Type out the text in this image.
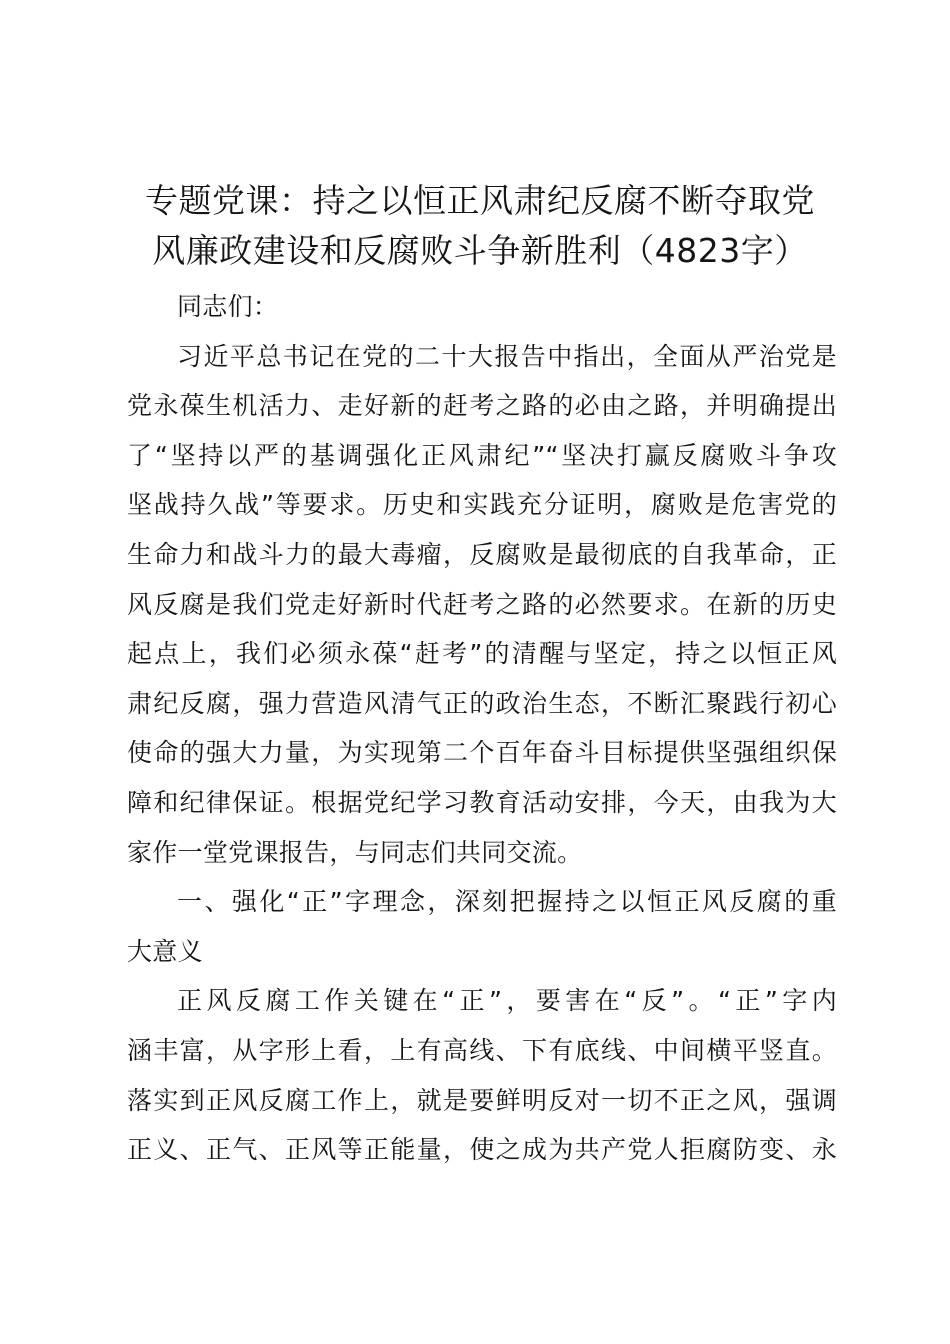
专题党课：持之以恒正风肃纪反腐不断夺取党
风廉政建设和反腐败斗争新胜利（4823字）
同志们：
习近平总书记在党的二十大报告中指出，全面从严治党是
党永葆生机活力、走好新的赶考之路的必由之路，并明确提出
了“坚持以严的基调强化正风肃纪”“坚决打赢反腐败斗争攻
坚战持久战”等要求。历史和实践充分证明，腐败是危害党的
生命力和战斗力的最大毒瘤，反腐败是最彻底的自我革命，正
风反腐是我们党走好新时代赶考之路的必然要求。在新的历史
起点上，我们必须永葆“赶考”的清醒与坚定，持之以恒正风
肃纪反腐，强力营造风清气正的政治生态，不断汇聚践行初心
使命的强大力量，为实现第二个百年奋斗目标提供坚强组织保
障和纪律保证。根据党纪学习教育活动安排，今天，由我为大
家作一堂党课报告，与同志们共同交流。
一、强化“正”字理念，深刻把握持之以恒正风反腐的重
大意义
正风反腐工作关键在“正”，要害在“反”。“正”字内
涵丰富，从字形上看，上有高线、下有底线、中间横平竖直。
落实到正风反腐工作上，就是要鲜明反对一切不正之风，强调
正义、正气、正风等正能量，使之成为共产党人拒腐防变、永
